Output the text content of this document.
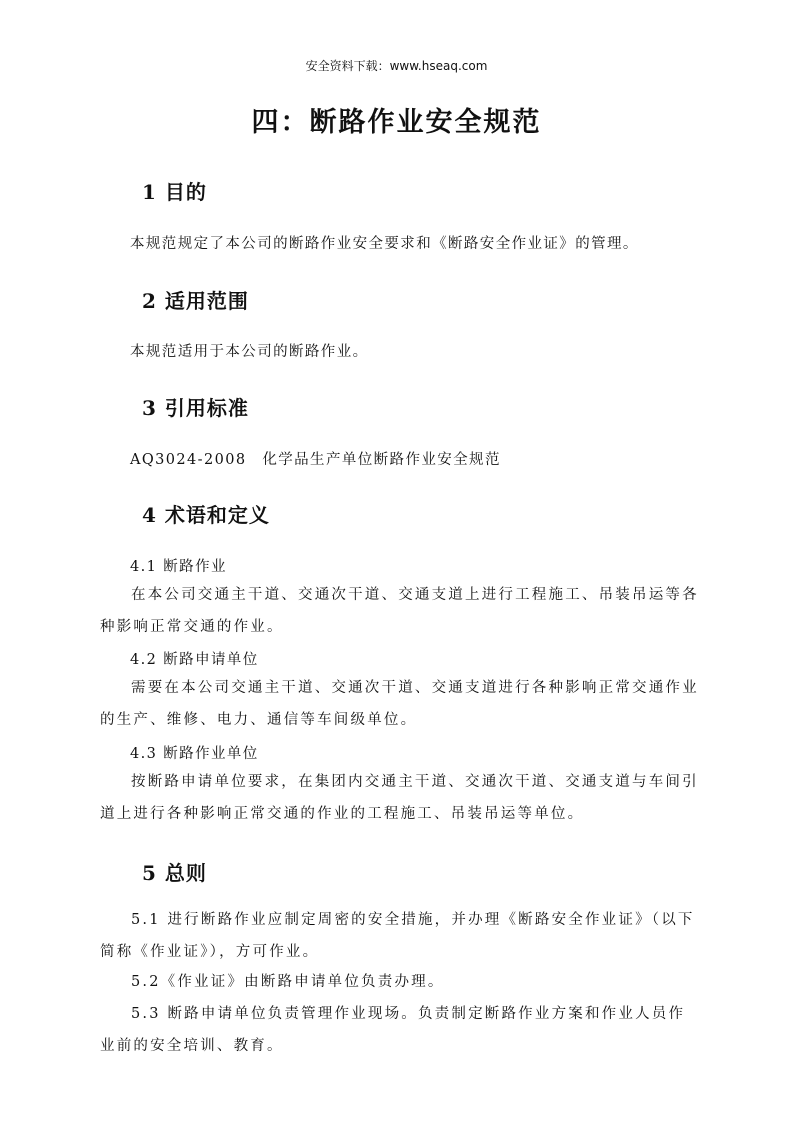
安全资料下载：www.hseaq.com
四：断路作业安全规范
1 目的
本规范规定了本公司的断路作业安全要求和《断路安全作业证》的管理。
2 适用范围
本规范适用于本公司的断路作业。
3 引用标准
AQ3024-2008　化学品生产单位断路作业安全规范
4 术语和定义
4.1 断路作业
在本公司交通主干道、交通次干道、交通支道上进行工程施工、吊装吊运等各种影响正常交通的作业。
4.2 断路申请单位
需要在本公司交通主干道、交通次干道、交通支道进行各种影响正常交通作业的生产、维修、电力、通信等车间级单位。
4.3 断路作业单位
按断路申请单位要求，在集团内交通主干道、交通次干道、交通支道与车间引道上进行各种影响正常交通的作业的工程施工、吊装吊运等单位。
5 总则
5.1 进行断路作业应制定周密的安全措施，并办理《断路安全作业证》（以下简称《作业证》），方可作业。
5.2《作业证》由断路申请单位负责办理。
5.3 断路申请单位负责管理作业现场。负责制定断路作业方案和作业人员作业前的安全培训、教育。
